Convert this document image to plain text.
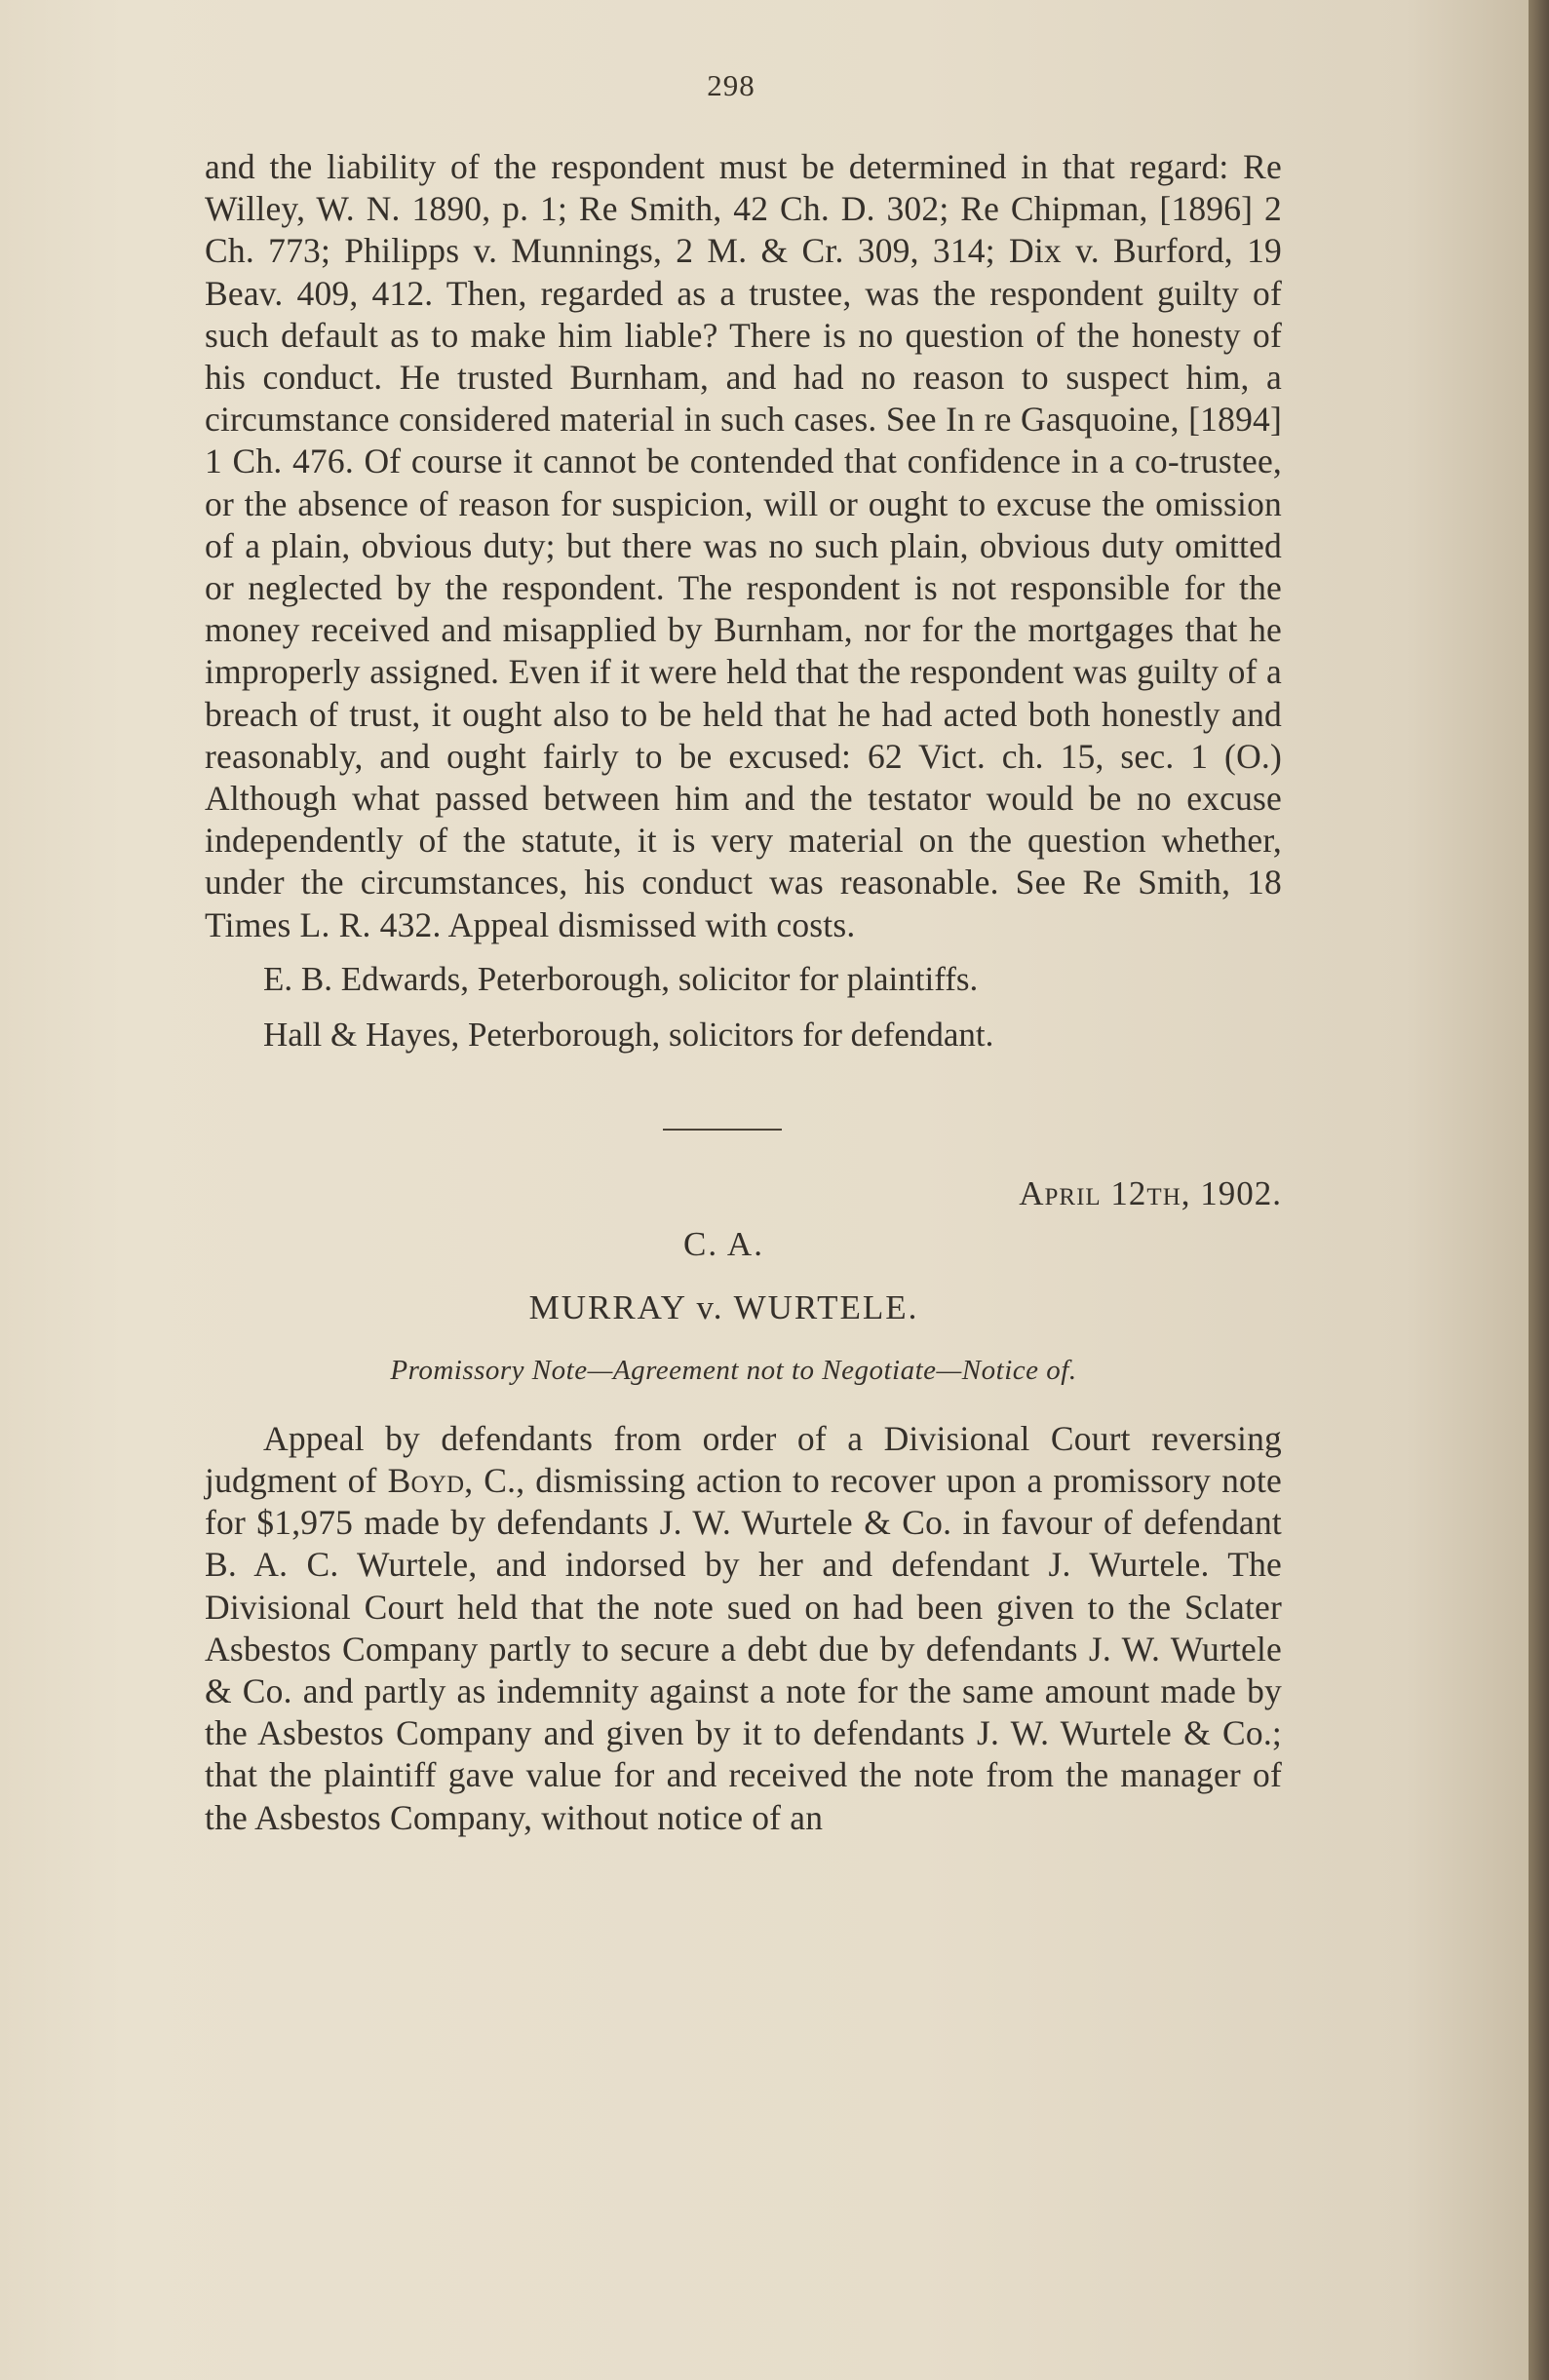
298

and the liability of the respondent must be determined in that regard: Re Willey, W. N. 1890, p. 1; Re Smith, 42 Ch. D. 302; Re Chipman, [1896] 2 Ch. 773; Philipps v. Munnings, 2 M. & Cr. 309, 314; Dix v. Burford, 19 Beav. 409, 412. Then, regarded as a trustee, was the respondent guilty of such default as to make him liable? There is no question of the honesty of his conduct. He trusted Burnham, and had no reason to suspect him, a circumstance considered material in such cases. See In re Gasquoine, [1894] 1 Ch. 476. Of course it cannot be contended that confidence in a co-trustee, or the absence of reason for suspicion, will or ought to excuse the omission of a plain, obvious duty; but there was no such plain, obvious duty omitted or neglected by the respondent. The respondent is not responsible for the money received and misapplied by Burnham, nor for the mortgages that he improperly assigned. Even if it were held that the respondent was guilty of a breach of trust, it ought also to be held that he had acted both honestly and reasonably, and ought fairly to be excused: 62 Vict. ch. 15, sec. 1 (O.) Although what passed between him and the testator would be no excuse independently of the statute, it is very material on the question whether, under the circumstances, his conduct was reasonable. See Re Smith, 18 Times L. R. 432. Appeal dismissed with costs.

E. B. Edwards, Peterborough, solicitor for plaintiffs.

Hall & Hayes, Peterborough, solicitors for defendant.

April 12th, 1902.
C. A.
MURRAY v. WURTELE.
Promissory Note—Agreement not to Negotiate—Notice of.

Appeal by defendants from order of a Divisional Court reversing judgment of Boyd, C., dismissing action to recover upon a promissory note for $1,975 made by defendants J. W. Wurtele & Co. in favour of defendant B. A. C. Wurtele, and indorsed by her and defendant J. Wurtele. The Divisional Court held that the note sued on had been given to the Sclater Asbestos Company partly to secure a debt due by defendants J. W. Wurtele & Co. and partly as indemnity against a note for the same amount made by the Asbestos Company and given by it to defendants J. W. Wurtele & Co.; that the plaintiff gave value for and received the note from the manager of the Asbestos Company, without notice of an
